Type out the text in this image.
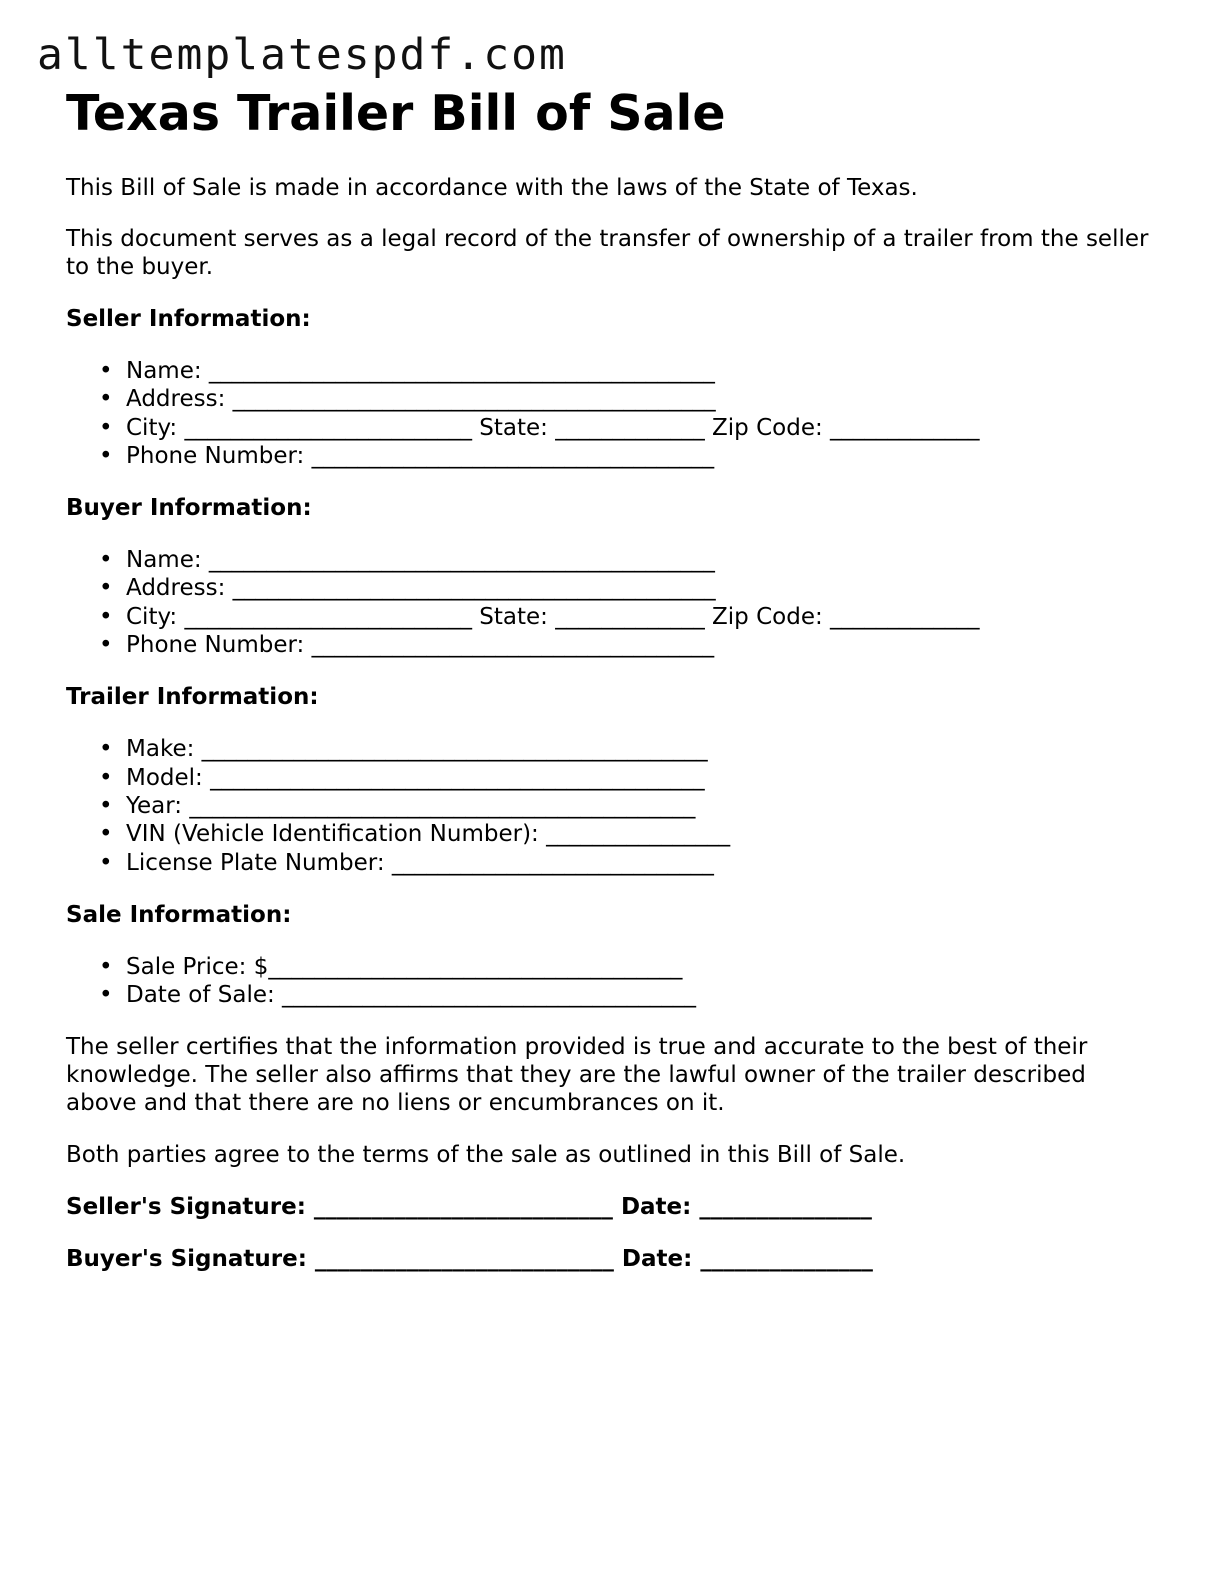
alltemplatespdf.com
Texas Trailer Bill of Sale

This Bill of Sale is made in accordance with the laws of the State of Texas.

This document serves as a legal record of the transfer of ownership of a trailer from the seller to the buyer.

Seller Information:
• Name: ____________________________________________
• Address: __________________________________________
• City: _________________________ State: _____________ Zip Code: _____________
• Phone Number: ___________________________________
Buyer Information:
• Name: ____________________________________________
• Address: __________________________________________
• City: _________________________ State: _____________ Zip Code: _____________
• Phone Number: ___________________________________
Trailer Information:
• Make: ____________________________________________
• Model: ___________________________________________
• Year: ____________________________________________
• VIN (Vehicle Identification Number): ________________
• License Plate Number: ____________________________
Sale Information:
• Sale Price: $____________________________________
• Date of Sale: ____________________________________

The seller certifies that the information provided is true and accurate to the best of their knowledge. The seller also affirms that they are the lawful owner of the trailer described above and that there are no liens or encumbrances on it.

Both parties agree to the terms of the sale as outlined in this Bill of Sale.

Seller's Signature: __________________________ Date: _______________
Buyer's Signature: __________________________ Date: _______________
